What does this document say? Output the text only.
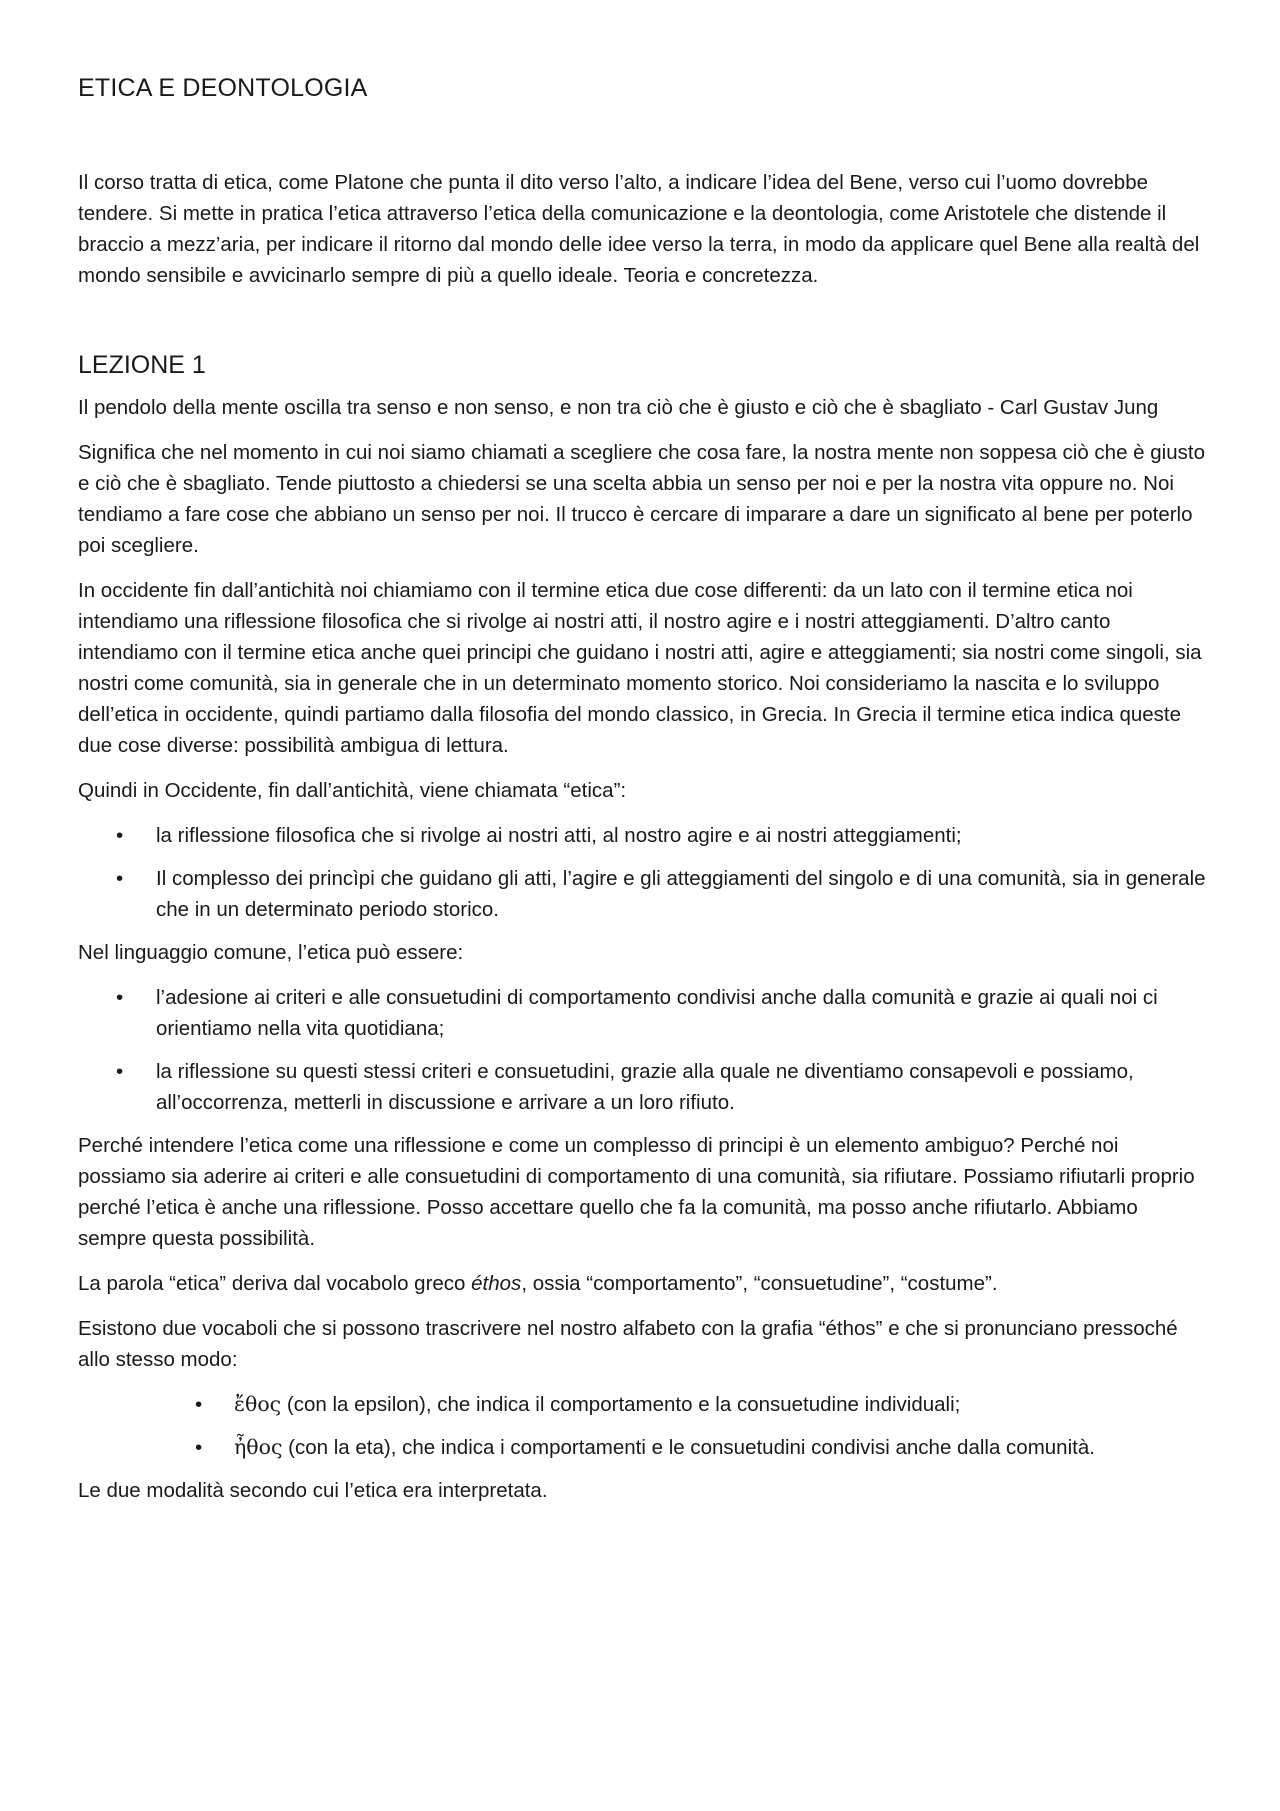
ETICA E DEONTOLOGIA

Il corso tratta di etica, come Platone che punta il dito verso l’alto, a indicare l’idea del Bene, verso cui l’uomo dovrebbe tendere. Si mette in pratica l’etica attraverso l’etica della comunicazione e la deontologia, come Aristotele che distende il braccio a mezz’aria, per indicare il ritorno dal mondo delle idee verso la terra, in modo da applicare quel Bene alla realtà del mondo sensibile e avvicinarlo sempre di più a quello ideale. Teoria e concretezza.

LEZIONE 1

Il pendolo della mente oscilla tra senso e non senso, e non tra ciò che è giusto e ciò che è sbagliato - Carl Gustav Jung

Significa che nel momento in cui noi siamo chiamati a scegliere che cosa fare, la nostra mente non soppesa ciò che è giusto e ciò che è sbagliato. Tende piuttosto a chiedersi se una scelta abbia un senso per noi e per la nostra vita oppure no. Noi tendiamo a fare cose che abbiano un senso per noi. Il trucco è cercare di imparare a dare un significato al bene per poterlo poi scegliere.

In occidente fin dall’antichità noi chiamiamo con il termine etica due cose differenti: da un lato con il termine etica noi intendiamo una riflessione filosofica che si rivolge ai nostri atti, il nostro agire e i nostri atteggiamenti. D’altro canto intendiamo con il termine etica anche quei principi che guidano i nostri atti, agire e atteggiamenti; sia nostri come singoli, sia nostri come comunità, sia in generale che in un determinato momento storico. Noi consideriamo la nascita e lo sviluppo dell’etica in occidente, quindi partiamo dalla filosofia del mondo classico, in Grecia. In Grecia il termine etica indica queste due cose diverse: possibilità ambigua di lettura.

Quindi in Occidente, fin dall’antichità, viene chiamata “etica”:

• la riflessione filosofica che si rivolge ai nostri atti, al nostro agire e ai nostri atteggiamenti;
• Il complesso dei princìpi che guidano gli atti, l’agire e gli atteggiamenti del singolo e di una comunità, sia in generale che in un determinato periodo storico.

Nel linguaggio comune, l’etica può essere:

• l’adesione ai criteri e alle consuetudini di comportamento condivisi anche dalla comunità e grazie ai quali noi ci orientiamo nella vita quotidiana;
• la riflessione su questi stessi criteri e consuetudini, grazie alla quale ne diventiamo consapevoli e possiamo, all’occorrenza, metterli in discussione e arrivare a un loro rifiuto.

Perché intendere l’etica come una riflessione e come un complesso di principi è un elemento ambiguo? Perché noi possiamo sia aderire ai criteri e alle consuetudini di comportamento di una comunità, sia rifiutare. Possiamo rifiutarli proprio perché l’etica è anche una riflessione. Posso accettare quello che fa la comunità, ma posso anche rifiutarlo. Abbiamo sempre questa possibilità.

La parola “etica” deriva dal vocabolo greco éthos, ossia “comportamento”, “consuetudine”, “costume”.

Esistono due vocaboli che si possono trascrivere nel nostro alfabeto con la grafia “éthos” e che si pronunciano pressoché allo stesso modo:

• ἔθος (con la epsilon), che indica il comportamento e la consuetudine individuali;
• ἦθος (con la eta), che indica i comportamenti e le consuetudini condivisi anche dalla comunità.

Le due modalità secondo cui l’etica era interpretata.
